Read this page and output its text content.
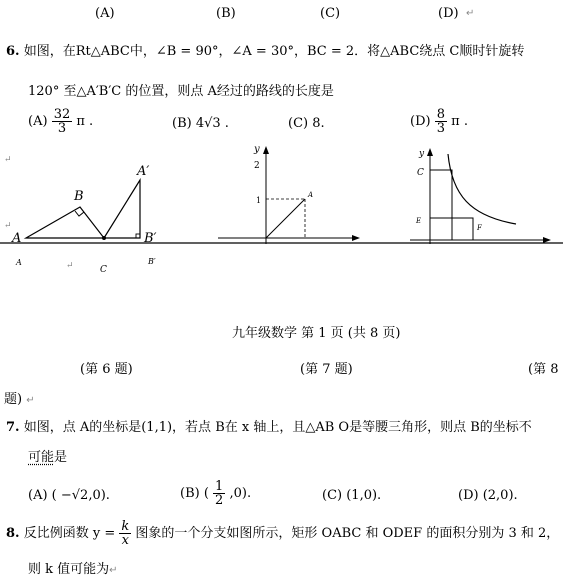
(A)	(B)	(C)	(D) ↵
6. 如图，在Rt△ABC中，∠B = 90°，∠A = 30°，BC = 2．将△ABC绕点 C顺时针旋转
120° 至△A′B′C 的位置，则点 A经过的路线的长度是
$(A) \frac{32}{3}$ π .	(B) 4√3 .	(C) 8.	$(D) \frac{8}{3}$ π .
↵
↵
A
B
A′
B′
A	↵	C
B′
y
2
1
A
y
C
E
F
九年级数学 第 1 页 (共 8 页)
(第 6 题)	(第 7 题)	(第 8
题) ↵
7. 如图，点 A的坐标是(1,1)，若点 B在 x 轴上，且△AB O是等腰三角形，则点 B的坐标不
可能是
(A) ( −√2,0).	(B) ( $\frac{1}{2} ,0$).	(C) (1,0).	(D) (2,0).
8. 反比例函数 $y = \frac{k}{x}$ 图象的一个分支如图所示，矩形 OABC 和 ODEF 的面积分别为 3 和 2，
则 k 值可能为↵
